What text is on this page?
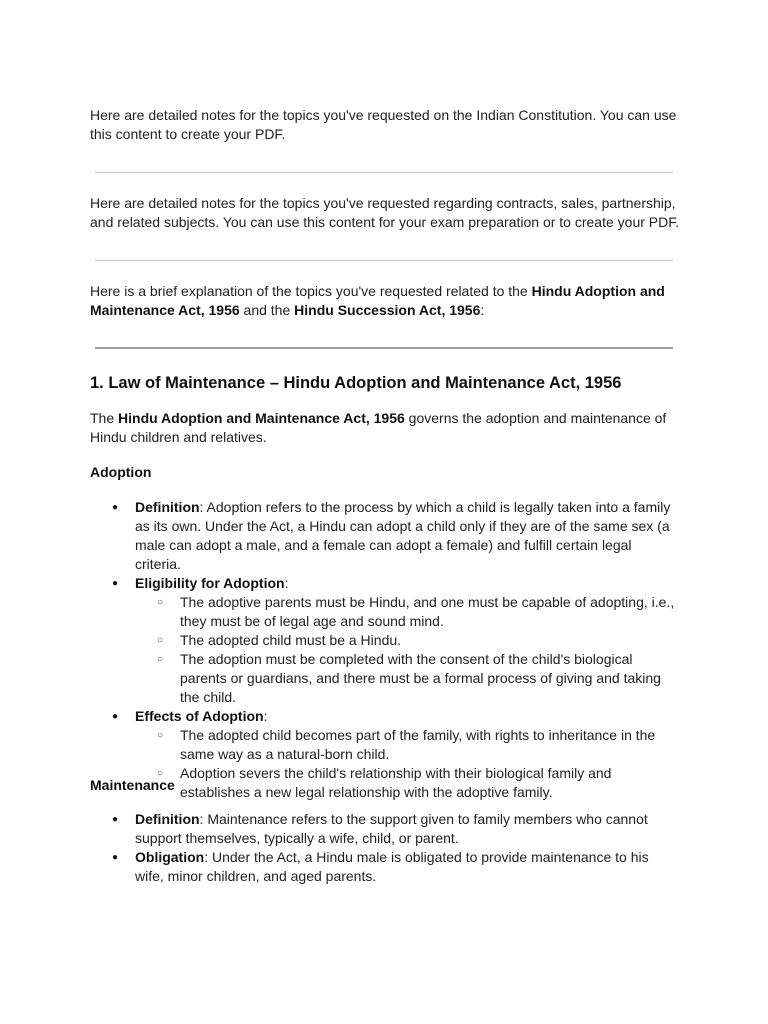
Here are detailed notes for the topics you've requested on the Indian Constitution. You can use this content to create your PDF.

Here are detailed notes for the topics you've requested regarding contracts, sales, partnership, and related subjects. You can use this content for your exam preparation or to create your PDF.

Here is a brief explanation of the topics you've requested related to the Hindu Adoption and Maintenance Act, 1956 and the Hindu Succession Act, 1956:

1. Law of Maintenance – Hindu Adoption and Maintenance Act, 1956

The Hindu Adoption and Maintenance Act, 1956 governs the adoption and maintenance of Hindu children and relatives.

Adoption
● Definition: Adoption refers to the process by which a child is legally taken into a family as its own. Under the Act, a Hindu can adopt a child only if they are of the same sex (a male can adopt a male, and a female can adopt a female) and fulfill certain legal criteria.
● Eligibility for Adoption:
○ The adoptive parents must be Hindu, and one must be capable of adopting, i.e., they must be of legal age and sound mind.
○ The adopted child must be a Hindu.
○ The adoption must be completed with the consent of the child's biological parents or guardians, and there must be a formal process of giving and taking the child.
● Effects of Adoption:
○ The adopted child becomes part of the family, with rights to inheritance in the same way as a natural-born child.
○ Adoption severs the child's relationship with their biological family and establishes a new legal relationship with the adoptive family.
Maintenance
● Definition: Maintenance refers to the support given to family members who cannot support themselves, typically a wife, child, or parent.
● Obligation: Under the Act, a Hindu male is obligated to provide maintenance to his wife, minor children, and aged parents.
